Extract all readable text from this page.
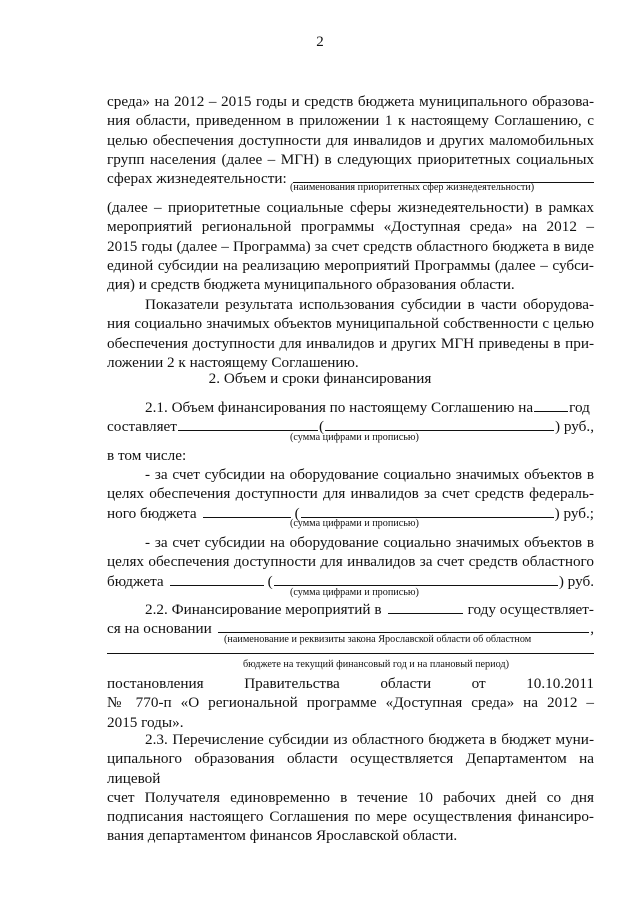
2
среда» на 2012 – 2015 годы и средств бюджета муниципального образова-
ния области, приведенном в приложении 1 к настоящему Соглашению, с
целью обеспечения доступности для инвалидов и других маломобильных
групп населения (далее – МГН) в следующих приоритетных социальных
сферах жизнедеятельности:
(наименования приоритетных сфер жизнедеятельности)
(далее – приоритетные социальные сферы жизнедеятельности) в рамках
мероприятий региональной программы «Доступная среда» на 2012 –
2015 годы (далее – Программа) за счет средств областного бюджета в виде
единой субсидии на реализацию мероприятий Программы (далее – субси-
дия) и средств бюджета муниципального образования области.
Показатели результата использования субсидии в части оборудова-
ния социально значимых объектов муниципальной собственности с целью
обеспечения доступности для инвалидов и других МГН приведены в при-
ложении 2 к настоящему Соглашению.
2. Объем и сроки финансирования
2.1. Объем финансирования по настоящему Соглашению на год
составляет	(	) руб.,
(сумма цифрами и прописью)
в том числе:
- за счет субсидии на оборудование социально значимых объектов в
целях обеспечения доступности для инвалидов за счет средств федераль-
ного бюджета	(	) руб.;
(сумма цифрами и прописью)
- за счет субсидии на оборудование социально значимых объектов в
целях обеспечения доступности для инвалидов за счет средств областного
бюджета	(	) руб.
(сумма цифрами и прописью)
2.2. Финансирование мероприятий в	году осуществляет-
ся на основании	,
(наименование и реквизиты закона Ярославской области об областном
бюджете на текущий финансовый год и на плановый период)
постановления	Правительства	области	от	10.10.2011
№ 770-п «О региональной программе «Доступная среда» на 2012 –
2015 годы».
2.3. Перечисление субсидии из областного бюджета в бюджет муни-
ципального образования области осуществляется Департаментом на лицевой
счет Получателя единовременно в течение 10 рабочих дней со дня
подписания настоящего Соглашения по мере осуществления финансиро-
вания департаментом финансов Ярославской области.
